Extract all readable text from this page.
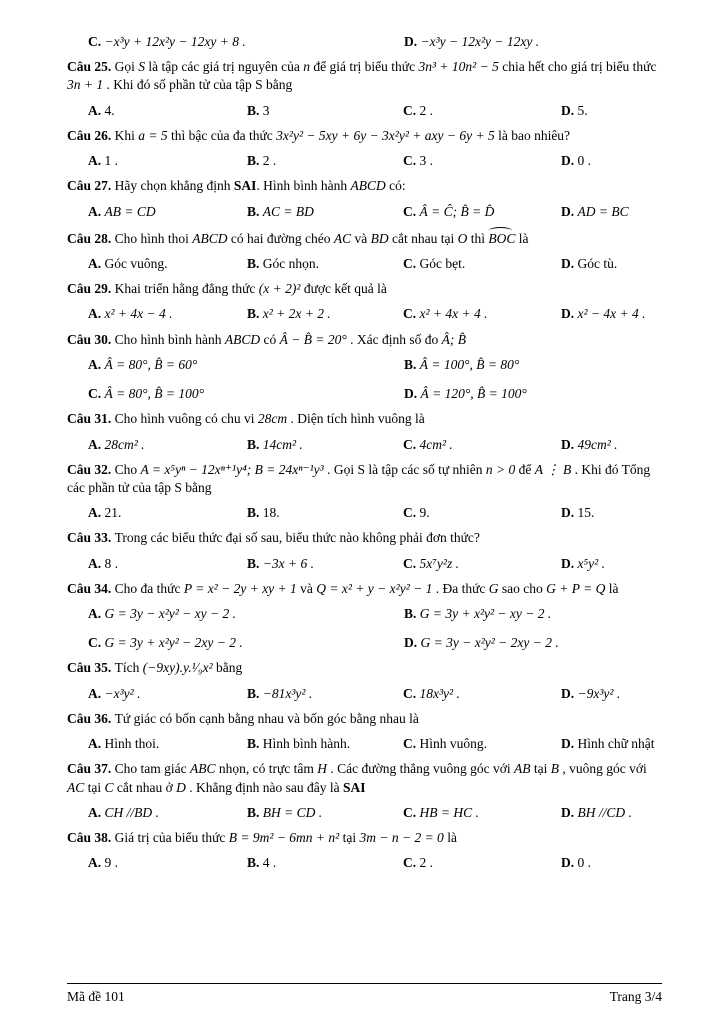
C. −x³y + 12x²y − 12xy + 8 .	D. −x³y − 12x²y − 12xy .

Câu 25. Gọi S là tập các giá trị nguyên của n để giá trị biểu thức 3n³ + 10n² − 5 chia hết cho giá trị biểu thức 3n + 1 . Khi đó số phần tử của tập S bằng

A. 4.	B. 3	C. 2 .	D. 5.

Câu 26. Khi a = 5 thì bậc của đa thức 3x²y² − 5xy + 6y − 3x²y² + axy − 6y + 5 là bao nhiêu?

A. 1 .	B. 2 .	C. 3 .	D. 0 .

Câu 27. Hãy chọn khẳng định SAI. Hình bình hành ABCD có:

A. AB = CD	B. AC = BD	C. Â = Ĉ; B̂ = D̂	D. AD = BC

Câu 28. Cho hình thoi ABCD có hai đường chéo AC và BD cắt nhau tại O thì BOC là

A. Góc vuông.	B. Góc nhọn.	C. Góc bẹt.	D. Góc tù.

Câu 29. Khai triển hằng đẳng thức (x + 2)² được kết quả là

A. x² + 4x − 4 .	B. x² + 2x + 2 .	C. x² + 4x + 4 .	D. x² − 4x + 4 .

Câu 30. Cho hình bình hành ABCD có Â − B̂ = 20° . Xác định số đo Â; B̂

A. Â = 80°, B̂ = 60°	B. Â = 100°, B̂ = 80°
C. Â = 80°, B̂ = 100°	D. Â = 120°, B̂ = 100°

Câu 31. Cho hình vuông có chu vi 28cm . Diện tích hình vuông là

A. 28cm² .	B. 14cm² .	C. 4cm² .	D. 49cm² .

Câu 32. Cho A = x⁵yⁿ − 12xⁿ⁺¹y⁴; B = 24xⁿ⁻¹y³ . Gọi S là tập các số tự nhiên n > 0 để A ⋮ B . Khi đó Tổng các phần tử của tập S bằng

A. 21.	B. 18.	C. 9.	D. 15.

Câu 33. Trong các biểu thức đại số sau, biểu thức nào không phải đơn thức?

A. 8 .	B. −3x + 6 .	C. 5x⁷y²z .	D. x⁵y² .

Câu 34. Cho đa thức P = x² − 2y + xy + 1 và Q = x² + y − x²y² − 1 . Đa thức G sao cho G + P = Q là

A. G = 3y − x²y² − xy − 2 .	B. G = 3y + x²y² − xy − 2 .
C. G = 3y + x²y² − 2xy − 2 .	D. G = 3y − x²y² − 2xy − 2 .

Câu 35. Tích (−9xy).y.¹⁄₉x² bằng

A. −x³y² .	B. −81x³y² .	C. 18x³y² .	D. −9x³y² .

Câu 36. Tứ giác có bốn cạnh bằng nhau và bốn góc bằng nhau là

A. Hình thoi.	B. Hình bình hành.	C. Hình vuông.	D. Hình chữ nhật

Câu 37. Cho tam giác ABC nhọn, có trực tâm H . Các đường thẳng vuông góc với AB tại B , vuông góc với AC tại C cắt nhau ở D . Khẳng định nào sau đây là SAI

A. CH //BD .	B. BH = CD .	C. HB = HC .	D. BH //CD .

Câu 38. Giá trị của biểu thức B = 9m² − 6mn + n² tại 3m − n − 2 = 0 là

A. 9 .	B. 4 .	C. 2 .	D. 0 .
Mã đề 101	Trang 3/4
